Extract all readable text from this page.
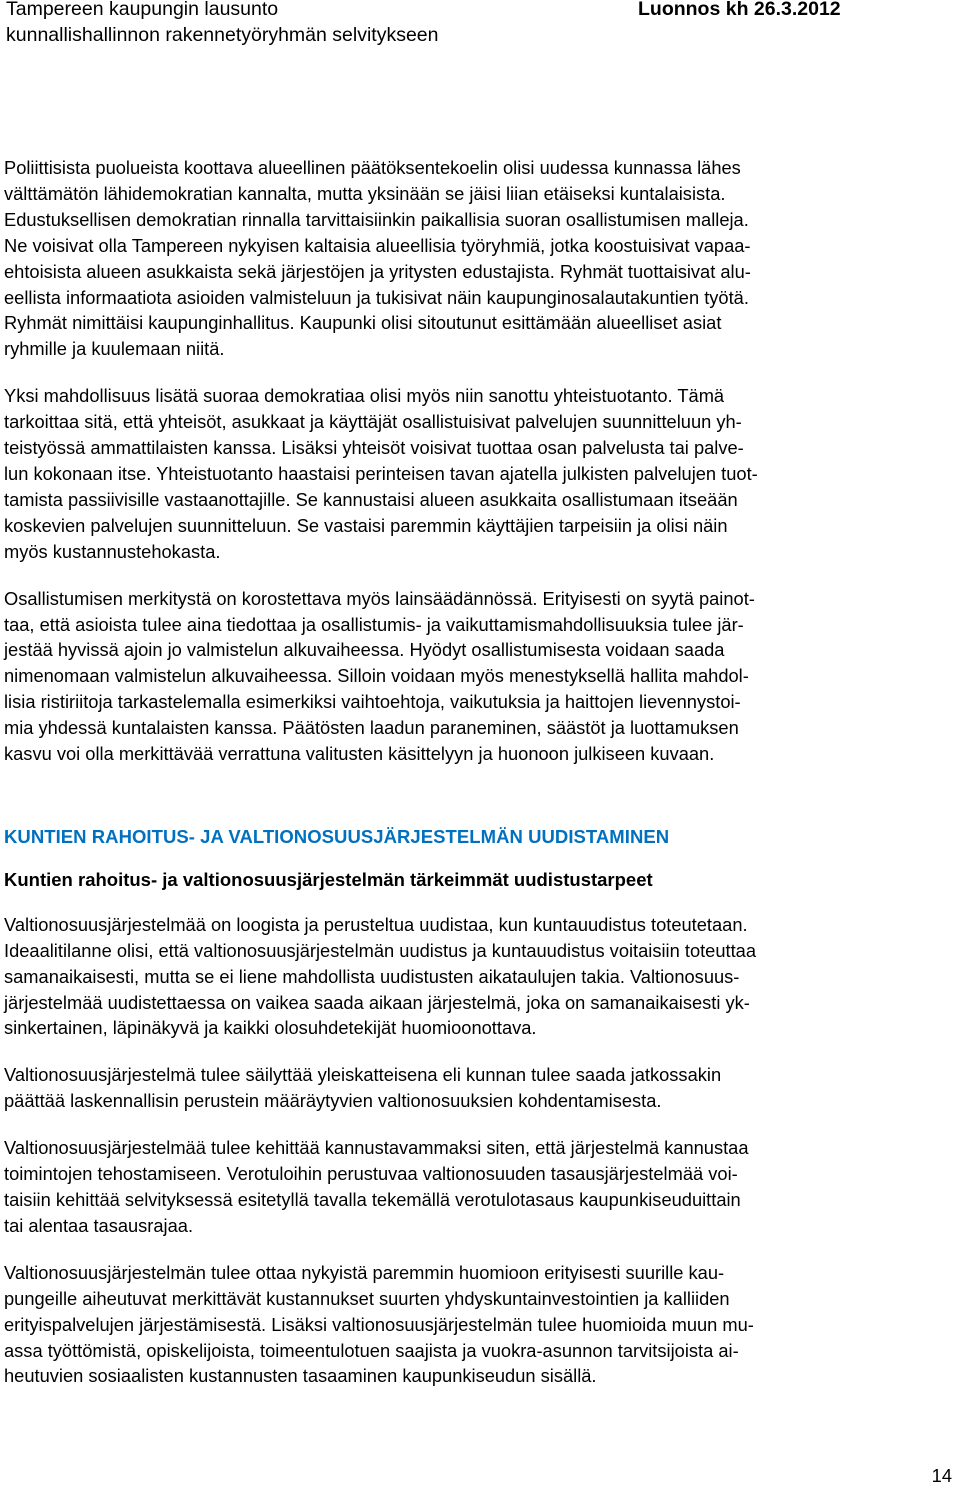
Tampereen kaupungin lausunto
kunnallishallinnon rakennetyöryhmän selvitykseen
Luonnos kh 26.3.2012

Poliittisista puolueista koottava alueellinen päätöksentekoelin olisi uudessa kunnassa lähes
välttämätön lähidemokratian kannalta, mutta yksinään se jäisi liian etäiseksi kuntalaisista.
Edustuksellisen demokratian rinnalla tarvittaisiinkin paikallisia suoran osallistumisen malleja.
Ne voisivat olla Tampereen nykyisen kaltaisia alueellisia työryhmiä, jotka koostuisivat vapaa-
ehtoisista alueen asukkaista sekä järjestöjen ja yritysten edustajista. Ryhmät tuottaisivat alu-
eellista informaatiota asioiden valmisteluun ja tukisivat näin kaupunginosalautakuntien työtä.
Ryhmät nimittäisi kaupunginhallitus. Kaupunki olisi sitoutunut esittämään alueelliset asiat
ryhmille ja kuulemaan niitä.

Yksi mahdollisuus lisätä suoraa demokratiaa olisi myös niin sanottu yhteistuotanto. Tämä
tarkoittaa sitä, että yhteisöt, asukkaat ja käyttäjät osallistuisivat palvelujen suunnitteluun yh-
teistyössä ammattilaisten kanssa. Lisäksi yhteisöt voisivat tuottaa osan palvelusta tai palve-
lun kokonaan itse. Yhteistuotanto haastaisi perinteisen tavan ajatella julkisten palvelujen tuot-
tamista passiivisille vastaanottajille. Se kannustaisi alueen asukkaita osallistumaan itseään
koskevien palvelujen suunnitteluun. Se vastaisi paremmin käyttäjien tarpeisiin ja olisi näin
myös kustannustehokasta.

Osallistumisen merkitystä on korostettava myös lainsäädännössä. Erityisesti on syytä painot-
taa, että asioista tulee aina tiedottaa ja osallistumis- ja vaikuttamismahdollisuuksia tulee jär-
jestää hyvissä ajoin jo valmistelun alkuvaiheessa. Hyödyt osallistumisesta voidaan saada
nimenomaan valmistelun alkuvaiheessa. Silloin voidaan myös menestyksellä hallita mahdol-
lisia ristiriitoja tarkastelemalla esimerkiksi vaihtoehtoja, vaikutuksia ja haittojen lievennystoi-
mia yhdessä kuntalaisten kanssa. Päätösten laadun paraneminen, säästöt ja luottamuksen
kasvu voi olla merkittävää verrattuna valitusten käsittelyyn ja huonoon julkiseen kuvaan.

KUNTIEN RAHOITUS- JA VALTIONOSUUSJÄRJESTELMÄN UUDISTAMINEN

Kuntien rahoitus- ja valtionosuusjärjestelmän tärkeimmät uudistustarpeet

Valtionosuusjärjestelmää on loogista ja perusteltua uudistaa, kun kuntauudistus toteutetaan.
Ideaalitilanne olisi, että valtionosuusjärjestelmän uudistus ja kuntauudistus voitaisiin toteuttaa
samanaikaisesti, mutta se ei liene mahdollista uudistusten aikataulujen takia. Valtionosuus-
järjestelmää uudistettaessa on vaikea saada aikaan järjestelmä, joka on samanaikaisesti yk-
sinkertainen, läpinäkyvä ja kaikki olosuhdetekijät huomioonottava.

Valtionosuusjärjestelmä tulee säilyttää yleiskatteisena eli kunnan tulee saada jatkossakin
päättää laskennallisin perustein määräytyvien valtionosuuksien kohdentamisesta.

Valtionosuusjärjestelmää tulee kehittää kannustavammaksi siten, että järjestelmä kannustaa
toimintojen tehostamiseen. Verotuloihin perustuvaa valtionosuuden tasausjärjestelmää voi-
taisiin kehittää selvityksessä esitetyllä tavalla tekemällä verotulotasaus kaupunkiseuduittain
tai alentaa tasausrajaa.

Valtionosuusjärjestelmän tulee ottaa nykyistä paremmin huomioon erityisesti suurille kau-
pungeille aiheutuvat merkittävät kustannukset suurten yhdyskuntainvestointien ja kalliiden
erityispalvelujen järjestämisestä. Lisäksi valtionosuusjärjestelmän tulee huomioida muun mu-
assa työttömistä, opiskelijoista, toimeentulotuen saajista ja vuokra-asunnon tarvitsijoista ai-
heutuvien sosiaalisten kustannusten tasaaminen kaupunkiseudun sisällä.

14
